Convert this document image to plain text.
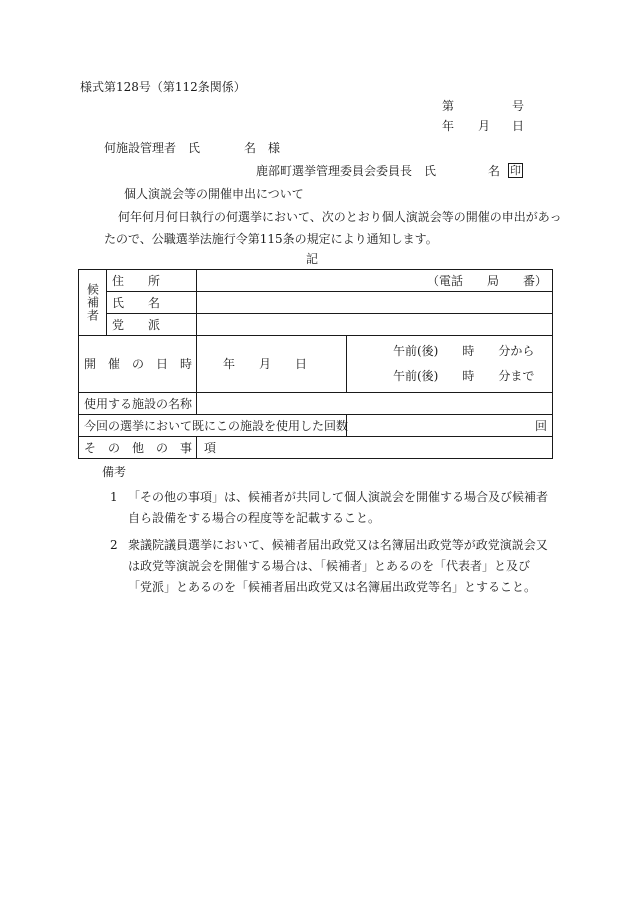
様式第128号（第112条関係）
第	号
年 月 日
何施設管理者　氏	名　様
鹿部町選挙管理委員会委員長　氏	名 印
個人演説会等の開催申出について
何年何月何日執行の何選挙において、次のとおり個人演説会等の開催の申出があっ
たので、公職選挙法施行令第115条の規定により通知します。
記
候補者	住　　所	（電話　　局　　番）	
	氏　　名		
	党　　派		
開　催　の　日　時		年　　月　　日	午前(後)　　時　　分から
午前(後)　　時　　分まで

使用する施設の名称			
今回の選挙において既にこの施設を使用した回数			回
そ　の　他　の　事　項			
備考
1 「その他の事項」は、候補者が共同して個人演説会を開催する場合及び候補者自ら設備をする場合の程度等を記載すること。
2 衆議院議員選挙において、候補者届出政党又は名簿届出政党等が政党演説会又は政党等演説会を開催する場合は、「候補者」とあるのを「代表者」と及び「党派」とあるのを「候補者届出政党又は名簿届出政党等名」とすること。
